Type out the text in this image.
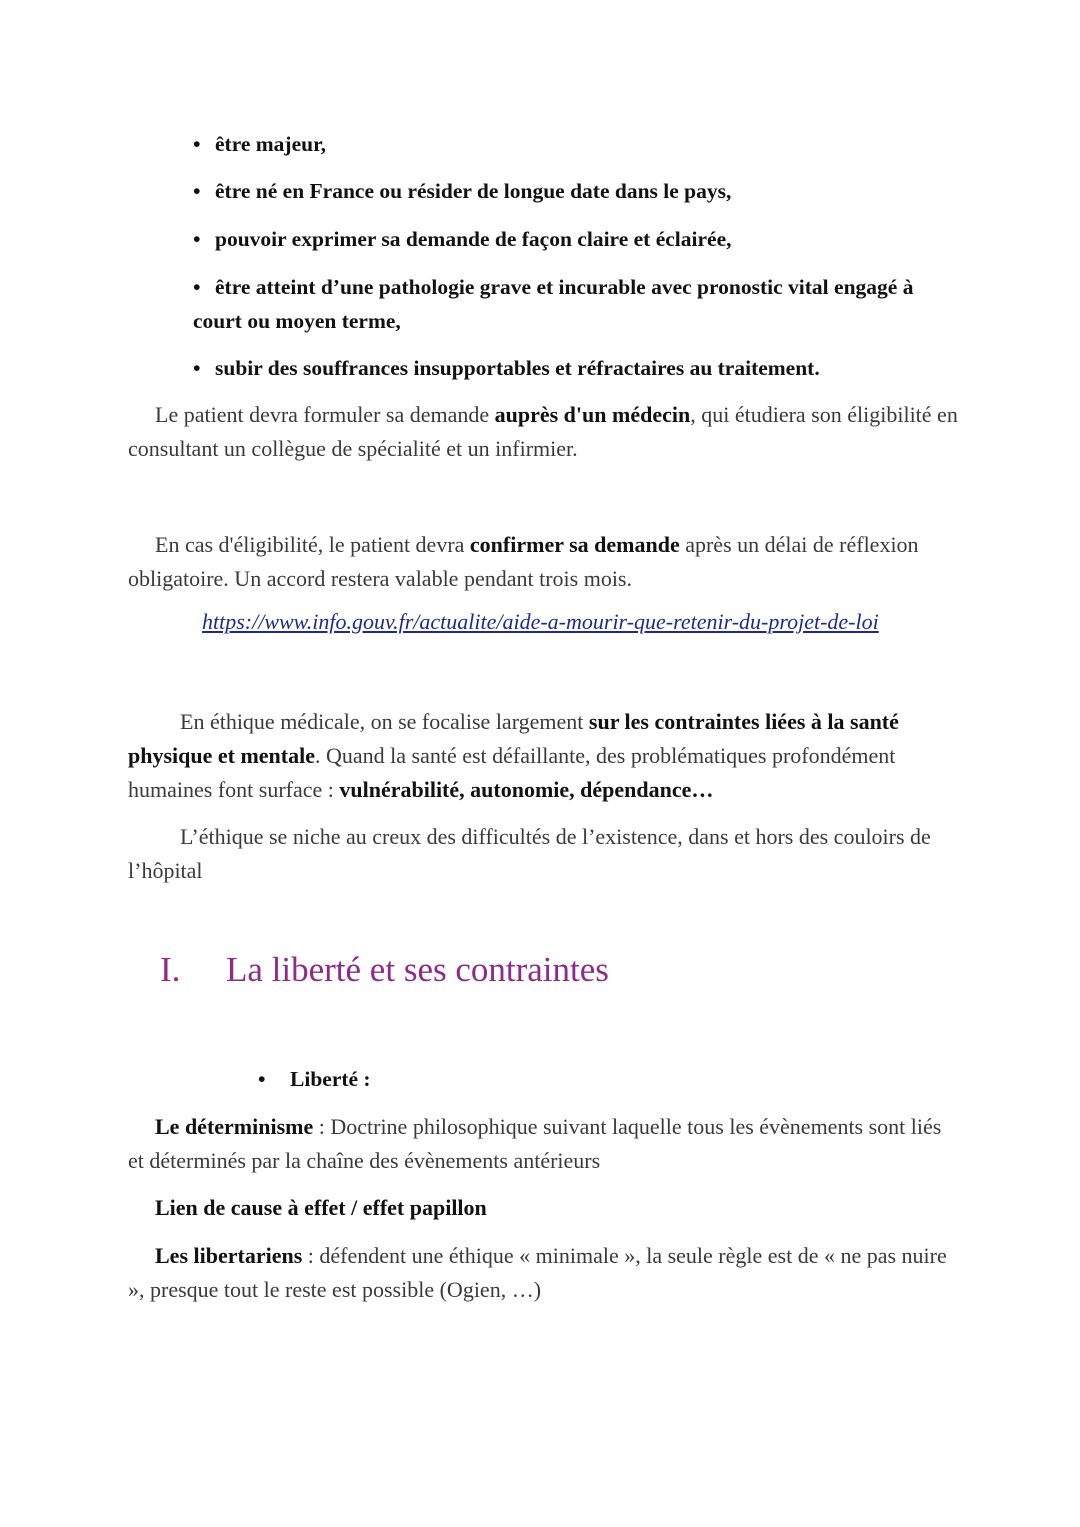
• être majeur,
• être né en France ou résider de longue date dans le pays,
• pouvoir exprimer sa demande de façon claire et éclairée,
• être atteint d’une pathologie grave et incurable avec pronostic vital engagé à court ou moyen terme,
• subir des souffrances insupportables et réfractaires au traitement.
Le patient devra formuler sa demande auprès d'un médecin, qui étudiera son éligibilité en consultant un collègue de spécialité et un infirmier.
En cas d'éligibilité, le patient devra confirmer sa demande après un délai de réflexion obligatoire. Un accord restera valable pendant trois mois.
https://www.info.gouv.fr/actualite/aide-a-mourir-que-retenir-du-projet-de-loi
En éthique médicale, on se focalise largement sur les contraintes liées à la santé physique et mentale. Quand la santé est défaillante, des problématiques profondément humaines font surface : vulnérabilité, autonomie, dépendance…
L’éthique se niche au creux des difficultés de l’existence, dans et hors des couloirs de l’hôpital
I. La liberté et ses contraintes
• Liberté :
Le déterminisme : Doctrine philosophique suivant laquelle tous les évènements sont liés et déterminés par la chaîne des évènements antérieurs
Lien de cause à effet / effet papillon
Les libertariens : défendent une éthique « minimale », la seule règle est de « ne pas nuire », presque tout le reste est possible (Ogien, …)
